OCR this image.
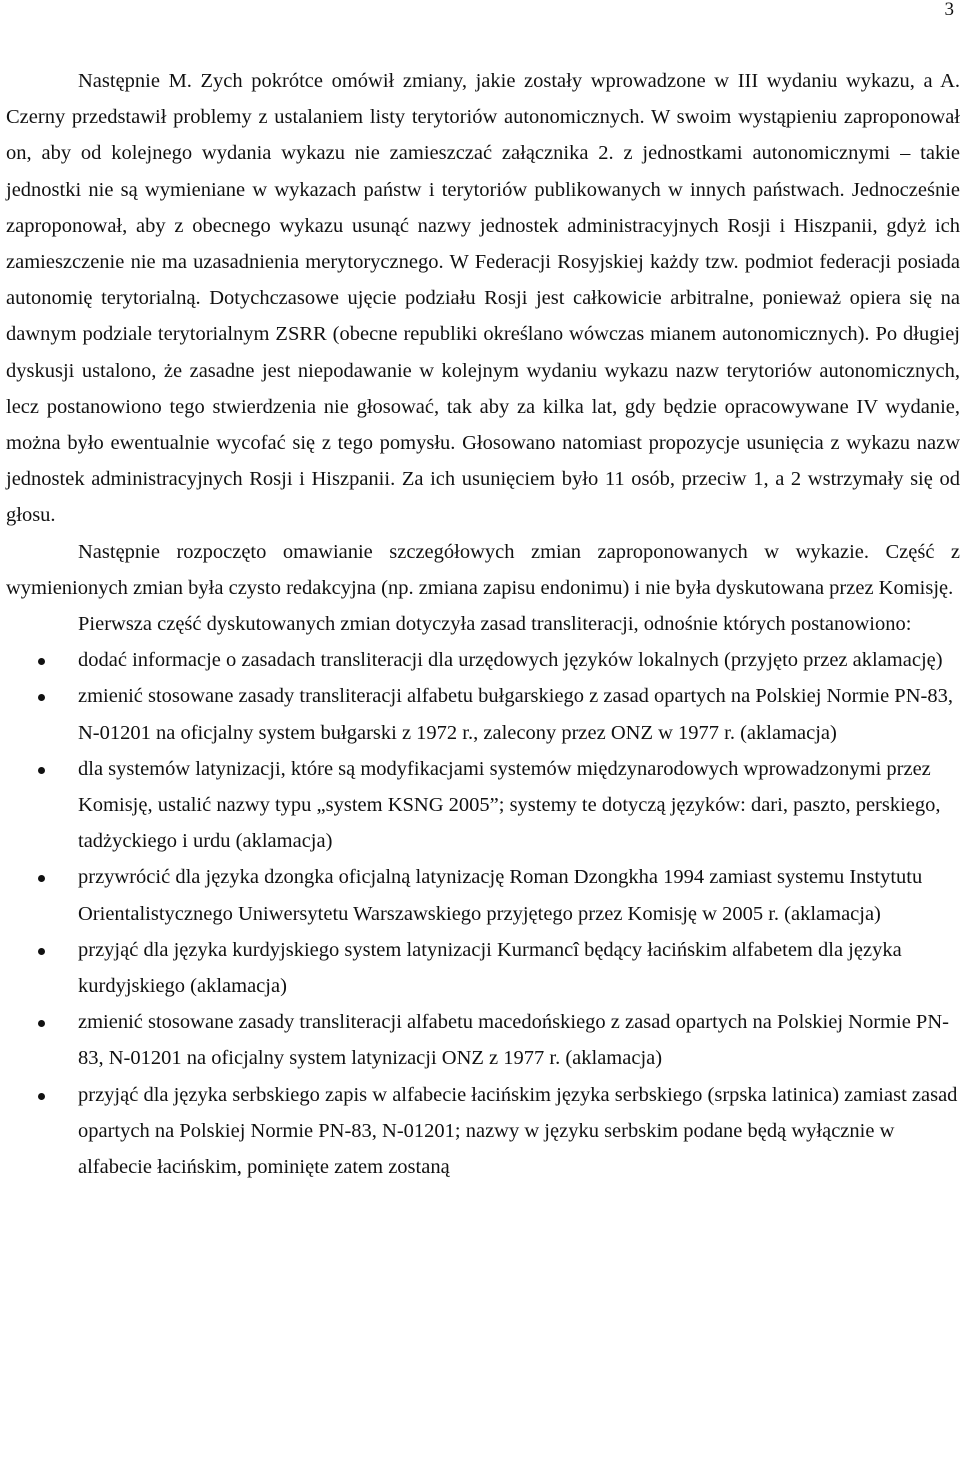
3

Następnie M. Zych pokrótce omówił zmiany, jakie zostały wprowadzone w III wydaniu wykazu, a A. Czerny przedstawił problemy z ustalaniem listy terytoriów autonomicznych. W swoim wystąpieniu zaproponował on, aby od kolejnego wydania wykazu nie zamieszczać załącznika 2. z jednostkami autonomicznymi – takie jednostki nie są wymieniane w wykazach państw i terytoriów publikowanych w innych państwach. Jednocześnie zaproponował, aby z obecnego wykazu usunąć nazwy jednostek administracyjnych Rosji i Hiszpanii, gdyż ich zamieszczenie nie ma uzasadnienia merytorycznego. W Federacji Rosyjskiej każdy tzw. podmiot federacji posiada autonomię terytorialną. Dotychczasowe ujęcie podziału Rosji jest całkowicie arbitralne, ponieważ opiera się na dawnym podziale terytorialnym ZSRR (obecne republiki określano wówczas mianem autonomicznych). Po długiej dyskusji ustalono, że zasadne jest niepodawanie w kolejnym wydaniu wykazu nazw terytoriów autonomicznych, lecz postanowiono tego stwierdzenia nie głosować, tak aby za kilka lat, gdy będzie opracowywane IV wydanie, można było ewentualnie wycofać się z tego pomysłu. Głosowano natomiast propozycje usunięcia z wykazu nazw jednostek administracyjnych Rosji i Hiszpanii. Za ich usunięciem było 11 osób, przeciw 1, a 2 wstrzymały się od głosu.

Następnie rozpoczęto omawianie szczegółowych zmian zaproponowanych w wykazie. Część z wymienionych zmian była czysto redakcyjna (np. zmiana zapisu endonimu) i nie była dyskutowana przez Komisję.

Pierwsza część dyskutowanych zmian dotyczyła zasad transliteracji, odnośnie których postanowiono:

dodać informacje o zasadach transliteracji dla urzędowych języków lokalnych (przyjęto przez aklamację)
zmienić stosowane zasady transliteracji alfabetu bułgarskiego z zasad opartych na Polskiej Normie PN-83, N-01201 na oficjalny system bułgarski z 1972 r., zalecony przez ONZ w 1977 r. (aklamacja)
dla systemów latynizacji, które są modyfikacjami systemów międzynarodowych wprowadzonymi przez Komisję, ustalić nazwy typu „system KSNG 2005”; systemy te dotyczą języków: dari, paszto, perskiego, tadżyckiego i urdu (aklamacja)
przywrócić dla języka dzongka oficjalną latynizację Roman Dzongkha 1994 zamiast systemu Instytutu Orientalistycznego Uniwersytetu Warszawskiego przyjętego przez Komisję w 2005 r. (aklamacja)
przyjąć dla języka kurdyjskiego system latynizacji Kurmancî będący łacińskim alfabetem dla języka kurdyjskiego (aklamacja)
zmienić stosowane zasady transliteracji alfabetu macedońskiego z zasad opartych na Polskiej Normie PN-83, N-01201 na oficjalny system latynizacji ONZ z 1977 r. (aklamacja)
przyjąć dla języka serbskiego zapis w alfabecie łacińskim języka serbskiego (srpska latinica) zamiast zasad opartych na Polskiej Normie PN-83, N-01201; nazwy w języku serbskim podane będą wyłącznie w alfabecie łacińskim, pominięte zatem zostaną
